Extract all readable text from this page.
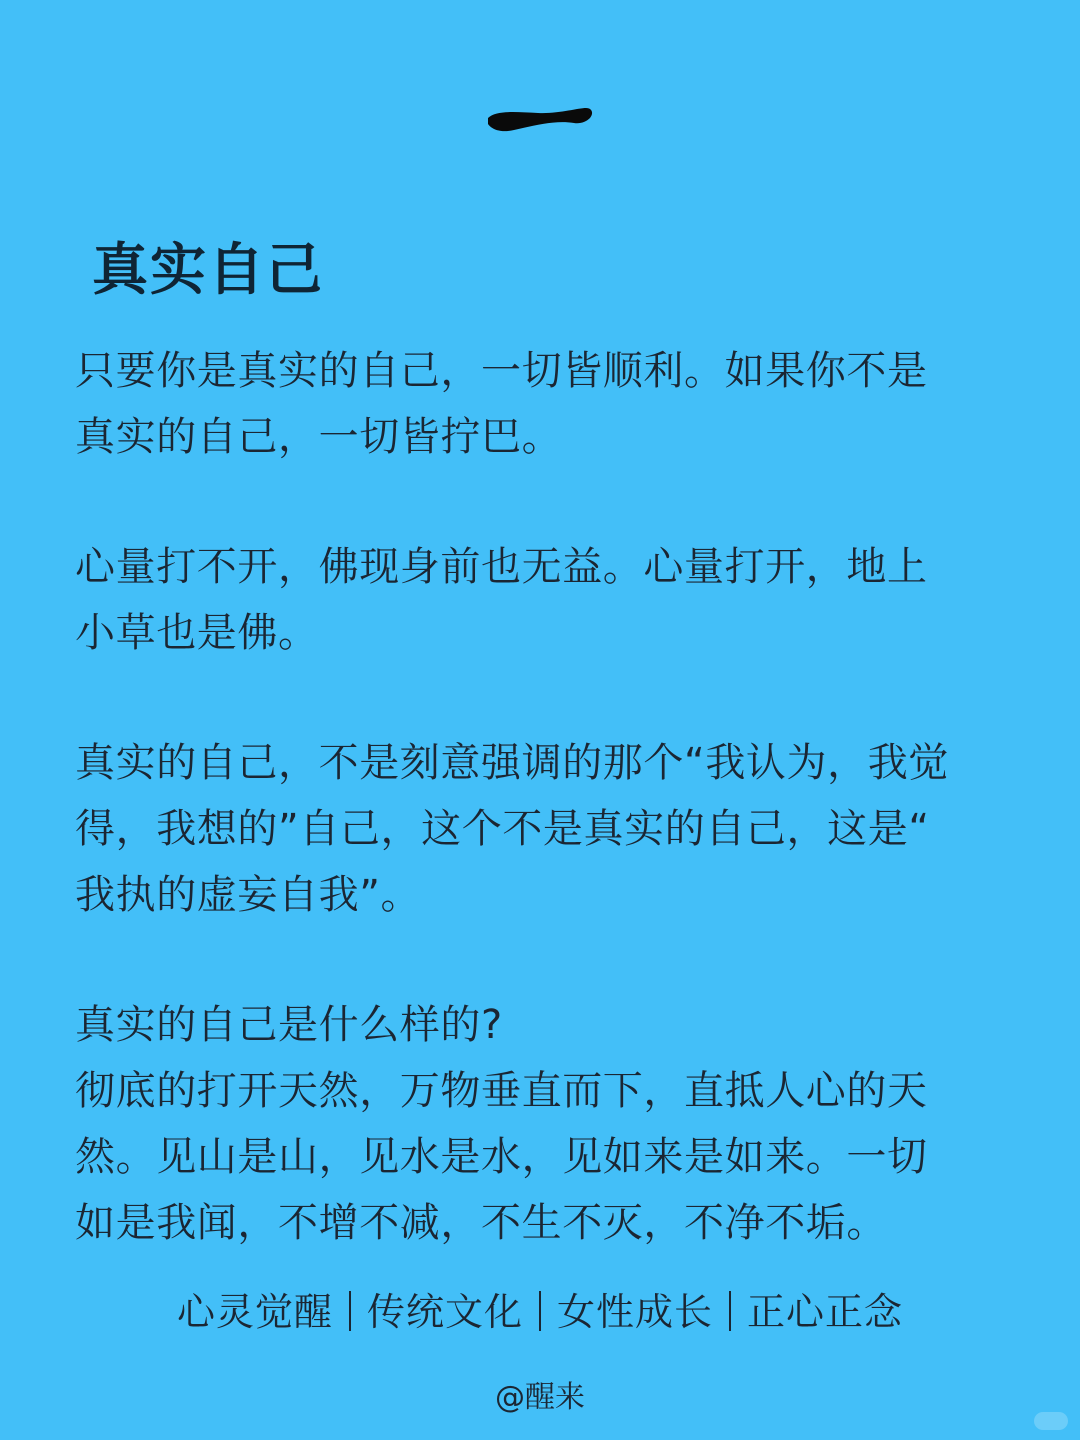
真实自己

只要你是真实的自己，一切皆顺利。如果你不是
真实的自己，一切皆拧巴。

心量打不开，佛现身前也无益。心量打开，地上
小草也是佛。

真实的自己，不是刻意强调的那个“我认为，我觉
得，我想的”自己，这个不是真实的自己，这是“
我执的虚妄自我”。

真实的自己是什么样的?
彻底的打开天然，万物垂直而下，直抵人心的天
然。见山是山，见水是水，见如来是如来。一切
如是我闻，不增不减，不生不灭，不净不垢。

心灵觉醒 传统文化 女性成长 正心正念
@醒来
